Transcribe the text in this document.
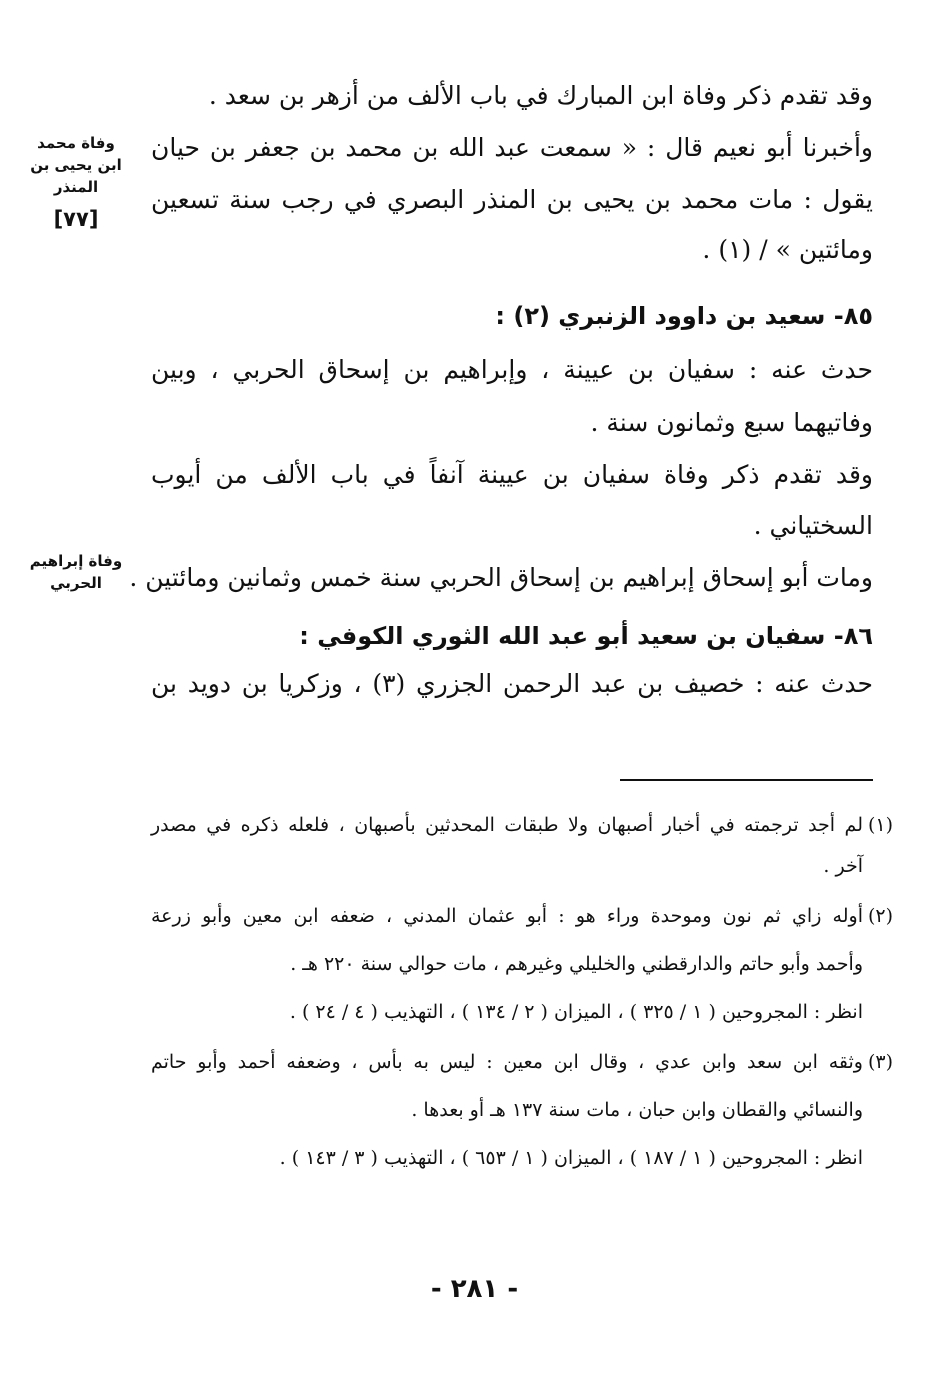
وقد تقدم ذكر وفاة ابن المبارك في باب الألف من أزهر بن سعد .
وأخبرنا أبو نعيم قال : « سمعت عبد الله بن محمد بن جعفر بن حيان
يقول : مات محمد بن يحيى بن المنذر البصري في رجب سنة تسعين
ومائتين » / (١) .
٨٥- سعيد بن داوود الزنبري (٢) :
حدث عنه : سفيان بن عيينة ، وإبراهيم بن إسحاق الحربي ، وبين
وفاتيهما سبع وثمانون سنة .
وقد تقدم ذكر وفاة سفيان بن عيينة آنفاً في باب الألف من أيوب
السختياني .
ومات أبو إسحاق إبراهيم بن إسحاق الحربي سنة خمس وثمانين ومائتين .
٨٦- سفيان بن سعيد أبو عبد الله الثوري الكوفي :
حدث عنه : خصيف بن عبد الرحمن الجزري (٣) ، وزكريا بن دويد بن
وفاة محمد
ابن يحيى بن
المنذر
[٧٧]
وفاة إبراهيم
الحربي
(١)
لم أجد ترجمته في أخبار أصبهان ولا طبقات المحدثين بأصبهان ، فلعله ذكره في مصدر
آخر .
(٢)
أوله زاي ثم نون وموحدة وراء هو : أبو عثمان المدني ، ضعفه ابن معين وأبو زرعة
وأحمد وأبو حاتم والدارقطني والخليلي وغيرهم ، مات حوالي سنة ٢٢٠ هـ .
انظر : المجروحين ( ١ / ٣٢٥ ) ، الميزان ( ٢ / ١٣٤ ) ، التهذيب ( ٤ / ٢٤ ) .
(٣)
وثقه ابن سعد وابن عدي ، وقال ابن معين : ليس به بأس ، وضعفه أحمد وأبو حاتم
والنسائي والقطان وابن حبان ، مات سنة ١٣٧ هـ أو بعدها .
انظر : المجروحين ( ١ / ١٨٧ ) ، الميزان ( ١ / ٦٥٣ ) ، التهذيب ( ٣ / ١٤٣ ) .
- ٢٨١ -
